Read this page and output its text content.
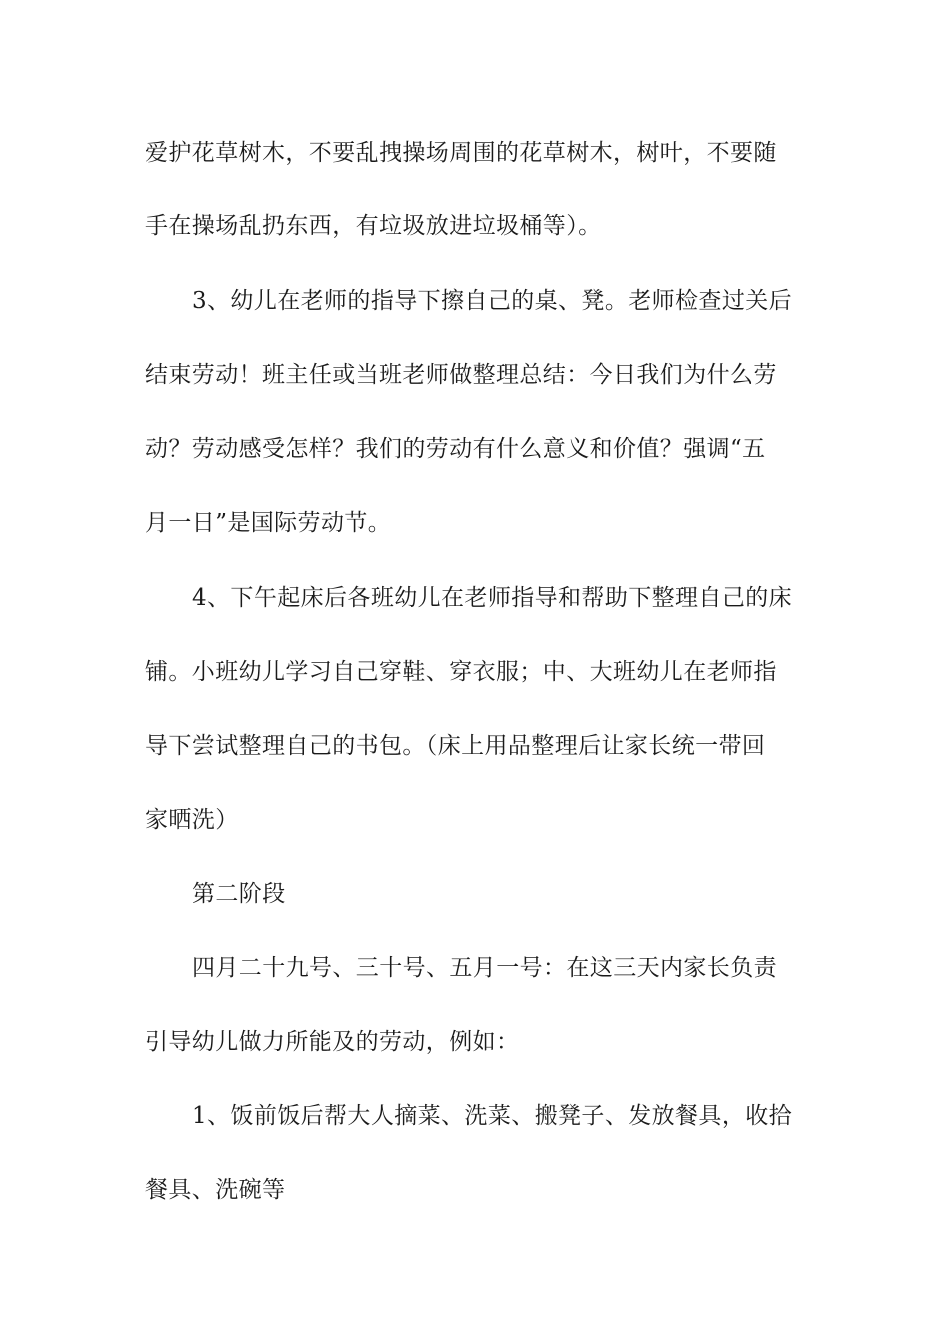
爱护花草树木，不要乱拽操场周围的花草树木，树叶，不要随
手在操场乱扔东西，有垃圾放进垃圾桶等）。
3、幼儿在老师的指导下擦自己的桌、凳。老师检查过关后
结束劳动！班主任或当班老师做整理总结：今日我们为什么劳
动？劳动感受怎样？我们的劳动有什么意义和价值？强调“五
月一日”是国际劳动节。
4、下午起床后各班幼儿在老师指导和帮助下整理自己的床
铺。小班幼儿学习自己穿鞋、穿衣服；中、大班幼儿在老师指
导下尝试整理自己的书包。（床上用品整理后让家长统一带回
家晒洗）
第二阶段
四月二十九号、三十号、五月一号：在这三天内家长负责
引导幼儿做力所能及的劳动，例如：
1、饭前饭后帮大人摘菜、洗菜、搬凳子、发放餐具，收拾
餐具、洗碗等
